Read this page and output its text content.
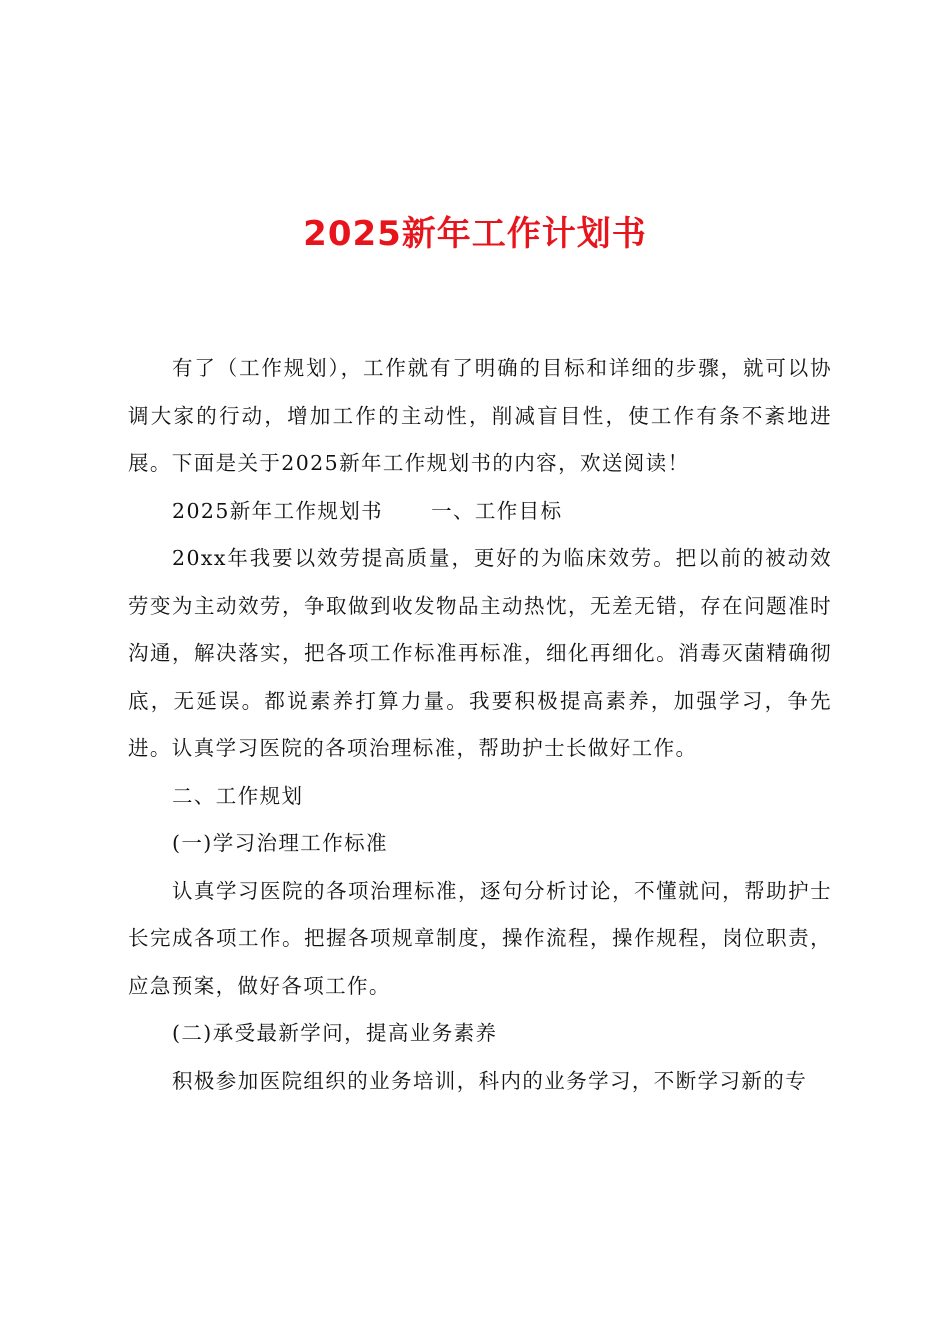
2025新年工作计划书

有了（工作规划），工作就有了明确的目标和详细的步骤，就可以协调大家的行动，增加工作的主动性，削减盲目性，使工作有条不紊地进展。下面是关于2025新年工作规划书的内容，欢送阅读！

2025新年工作规划书 一、工作目标

20xx年我要以效劳提高质量，更好的为临床效劳。把以前的被动效劳变为主动效劳，争取做到收发物品主动热忱，无差无错，存在问题准时沟通，解决落实，把各项工作标准再标准，细化再细化。消毒灭菌精确彻底，无延误。都说素养打算力量。我要积极提高素养，加强学习，争先进。认真学习医院的各项治理标准，帮助护士长做好工作。

二、工作规划

(一)学习治理工作标准

认真学习医院的各项治理标准，逐句分析讨论，不懂就问，帮助护士长完成各项工作。把握各项规章制度，操作流程，操作规程，岗位职责，应急预案，做好各项工作。

(二)承受最新学问，提高业务素养

积极参加医院组织的业务培训，科内的业务学习，不断学习新的专
